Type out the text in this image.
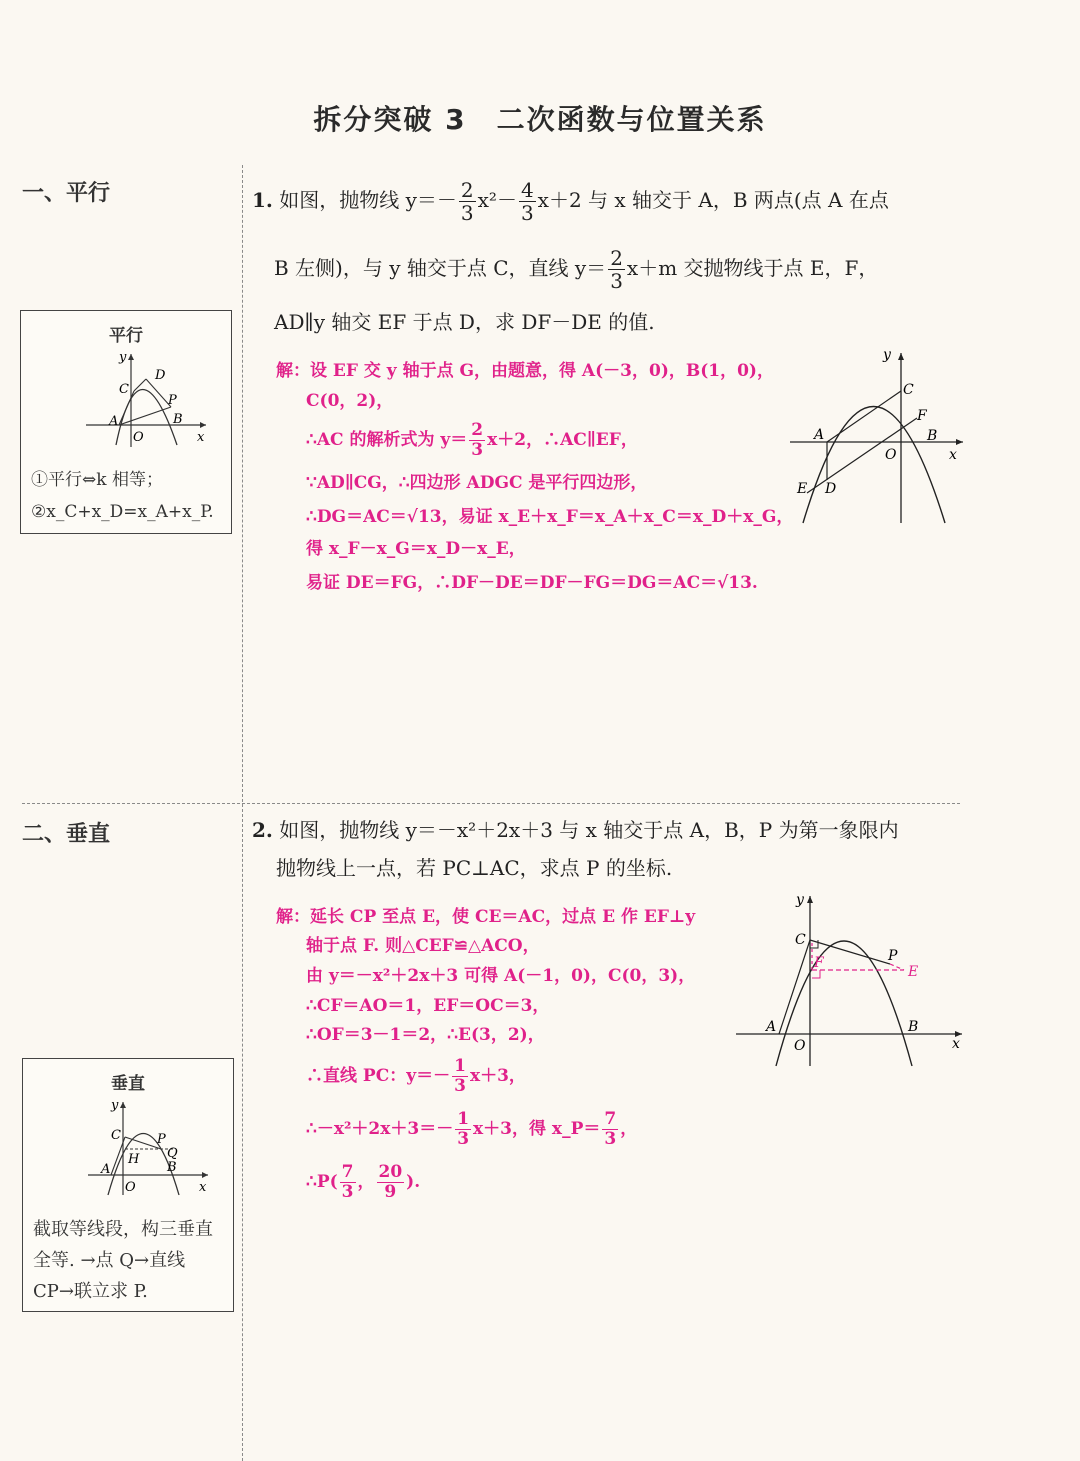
拆分突破 3　二次函数与位置关系
一、平行
二、垂直
平行
y
x
O
A	B
C
D
P
①平行⇔k 相等；
②x_C+x_D=x_A+x_P.
垂直
y
x
O
A	B
C	P
Q
H
截取等线段，构三垂直
全等. →点 Q→直线
CP→联立求 P.
1. 如图，抛物线 $y=- \frac{2}{3} x^2- \frac{4}{3} x+2$ 与 x 轴交于 A，B 两点(点 A 在点
B 左侧)，与 y 轴交于点 C，直线 $y= \frac{2}{3} x+m$ 交抛物线于点 E，F，
AD∥y 轴交 EF 于点 D，求 DF－DE 的值.
解：设 EF 交 y 轴于点 G，由题意，得 A(－3，0)，B(1，0)，
C(0，2)，
∴AC 的解析式为 $y= \frac{2}{3} x+2$，∴AC∥EF，
∵AD∥CG，∴四边形 ADGC 是平行四边形，
∴DG＝AC＝√13，易证 x_E＋x_F＝x_A＋x_C＝x_D＋x_G，
得 x_F－x_G＝x_D－x_E，
易证 DE＝FG，∴DF－DE＝DF－FG＝DG＝AC＝√13.
y
x
O
A	B
C
F
E D
2. 如图，抛物线 y＝－x²＋2x＋3 与 x 轴交于点 A，B，P 为第一象限内
抛物线上一点，若 PC⊥AC，求点 P 的坐标.
解：延长 CP 至点 E，使 CE＝AC，过点 E 作 EF⊥y
轴于点 F. 则△CEF≌△ACO，
由 y＝－x²＋2x＋3 可得 A(－1，0)，C(0，3)，
∴CF＝AO＝1，EF＝OC＝3，
∴OF＝3－1＝2，∴E(3，2)，
∴直线 PC：$y=- \frac{1}{3} x+3$，
∴－x²＋2x＋3＝－ $\frac{1}{3} x+3$，得 x_P＝ $\frac{7}{3}$ ，
∴P( $\frac{7}{3}$ ， $\frac{20}{9}$ ).
y
x
O
A	B
C
P
E
F
